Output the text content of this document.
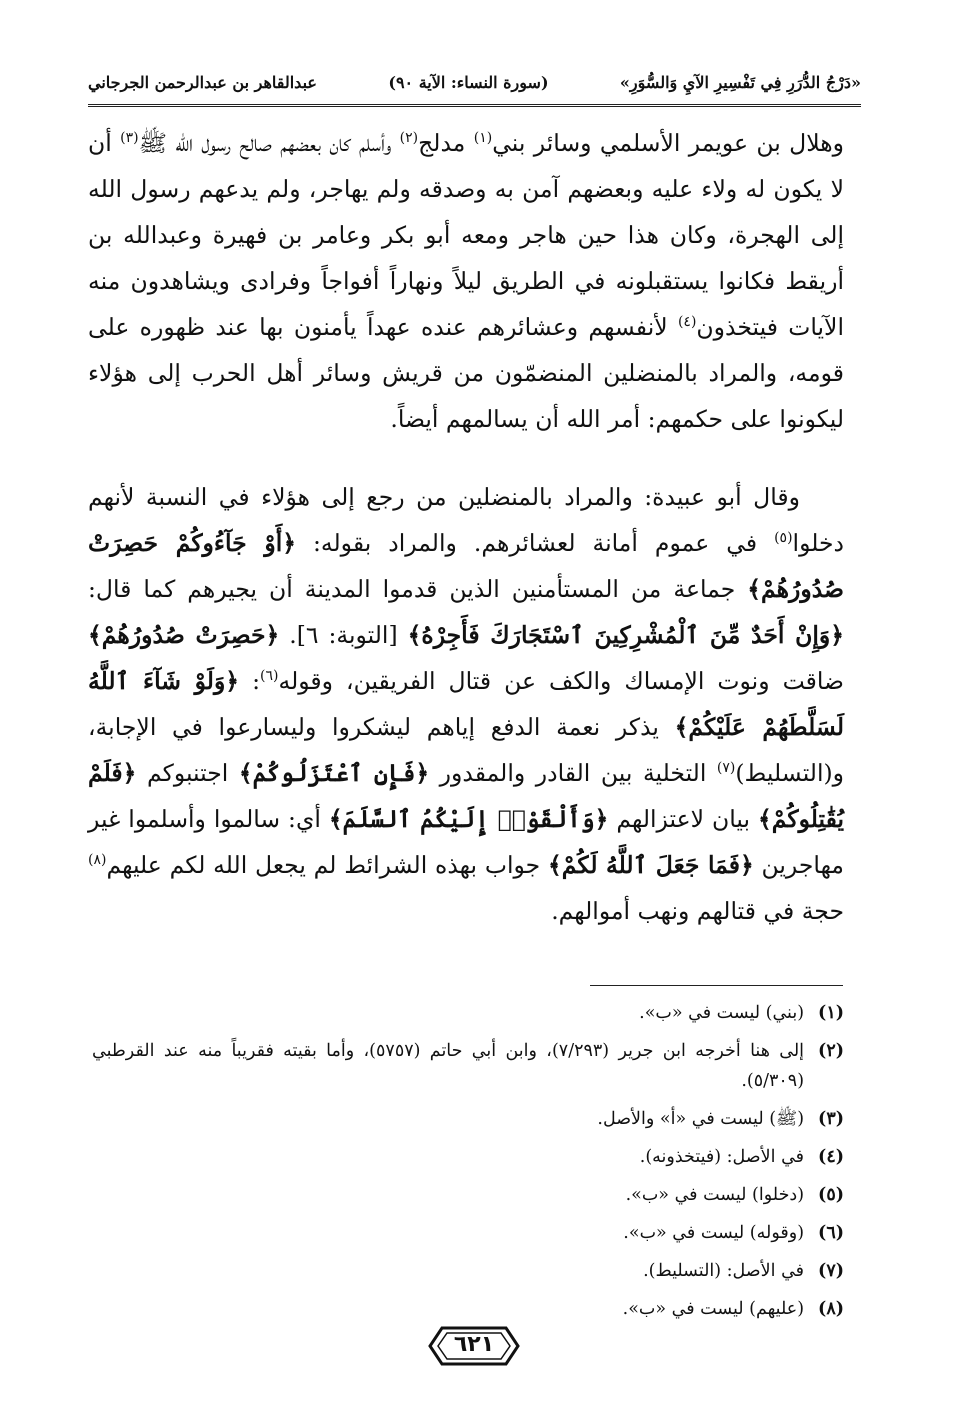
«دَرْجُ الدُّرَرِ فِي تَفْسِيرِ الآيِ وَالسُّوَرِ»
(سورة النساء: الآية ٩٠)
عبدالقاهر بن عبدالرحمن الجرجاني

وهلال بن عويمر الأسلمي وسائر بني$^{(١)}$ مدلج$^{(٢)}$ وأسلم كان بعضهم صالح رسول الله ﷺ$^{(٣)}$ أن لا يكون له ولاء عليه وبعضهم آمن به وصدقه ولم يهاجر، ولم يدعهم رسول الله إلى الهجرة، وكان هذا حين هاجر ومعه أبو بكر وعامر بن فهيرة وعبدالله بن أريقط فكانوا يستقبلونه في الطريق ليلاً ونهاراً أفواجاً وفرادى ويشاهدون منه الآيات فيتخذون$^{(٤)}$ لأنفسهم وعشائرهم عنده عهداً يأمنون بها عند ظهوره على قومه، والمراد بالمنضلين المنضمّون من قريش وسائر أهل الحرب إلى هؤلاء ليكونوا على حكمهم: أمر الله أن يسالمهم أيضاً.

وقال أبو عبيدة: والمراد بالمنضلين من رجع إلى هؤلاء في النسبة لأنهم دخلوا$^{(٥)}$ في عموم أمانة لعشائرهم. والمراد بقوله: ﴿أَوْ جَآءُوكُمْ حَصِرَتْ صُدُورُهُمْ﴾ جماعة من المستأمنين الذين قدموا المدينة أن يجيرهم كما قال: ﴿وَإِنْ أَحَدٌ مِّنَ ٱلْمُشْرِكِينَ ٱسْتَجَارَكَ فَأَجِرْهُ﴾ [التوبة: ٦]. ﴿حَصِرَتْ صُدُورُهُمْ﴾ ضاقت ونوت الإمساك والكف عن قتال الفريقين، وقوله$^{(٦)}$: ﴿وَلَوْ شَآءَ ٱللَّهُ لَسَلَّطَهُمْ عَلَيْكُمْ﴾ يذكر نعمة الدفع إياهم ليشكروا وليسارعوا في الإجابة، و(التسليط)$^{(٧)}$ التخلية بين القادر والمقدور ﴿فَإِنِ ٱعْتَزَلُوكُمْ﴾ اجتنبوكم ﴿فَلَمْ يُقَٰتِلُوكُمْ﴾ بيان لاعتزالهم ﴿وَأَلْقَوْا۟ إِلَيْكُمُ ٱلسَّلَمَ﴾ أي: سالموا وأسلموا غير مهاجرين ﴿فَمَا جَعَلَ ٱللَّهُ لَكُمْ﴾ جواب بهذه الشرائط لم يجعل الله لكم عليهم$^{(٨)}$ حجة في قتالهم ونهب أموالهم.

(١)
(بني) ليست في «ب».
(٢)
إلى هنا أخرجه ابن جرير (٧/٢٩٣)، وابن أبي حاتم (٥٧٥٧)، وأما بقيته فقريباً منه عند القرطبي (٥/٣٠٩).
(٣)
(ﷺ) ليست في «أ» والأصل.
(٤)
في الأصل: (فيتخذونه).
(٥)
(دخلوا) ليست في «ب».
(٦)
(وقوله) ليست في «ب».
(٧)
في الأصل: (التسليط).
(٨)
(عليهم) ليست في «ب».
٦٢١
